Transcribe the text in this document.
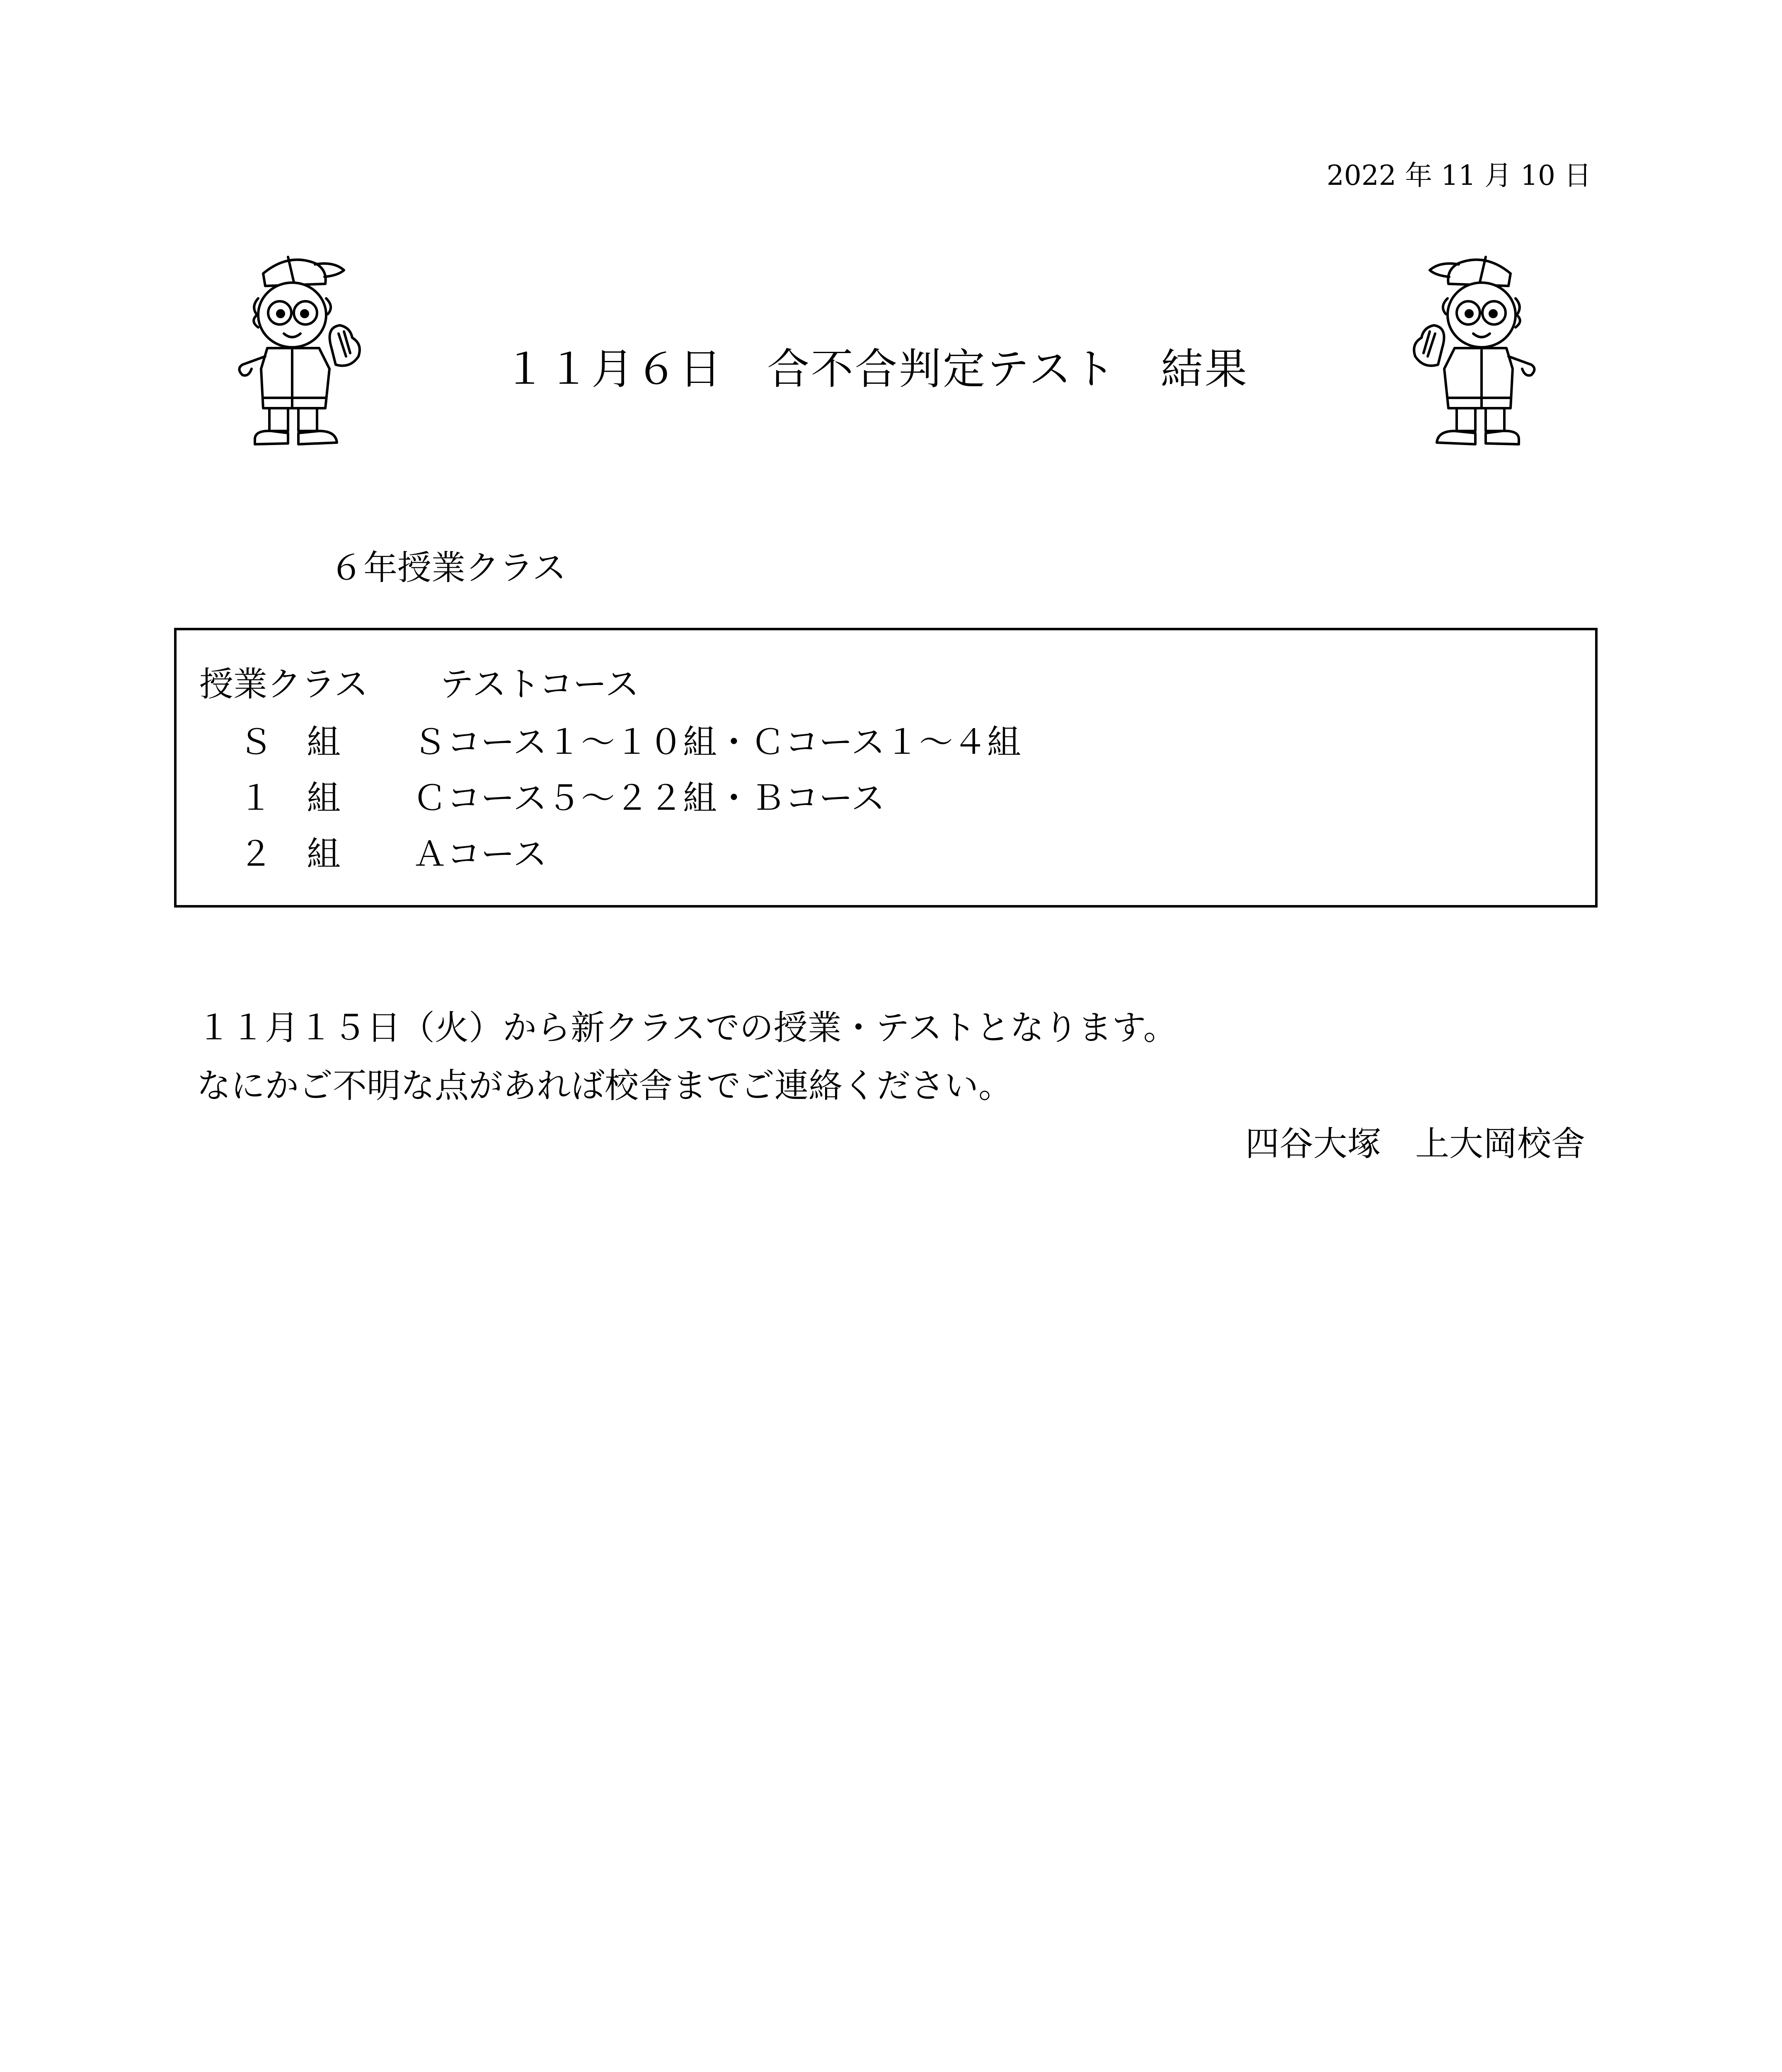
2022 年 11 月 10 日
１１月６日　合不合判定テスト　結果
６年授業クラス
授業クラス テストコース
Ｓ　組	Ｓコース１～１０組・Ｃコース１～４組
１　組	Ｃコース５～２２組・Ｂコース
２　組	Ａコース
１１月１５日（火）から新クラスでの授業・テストとなります。
なにかご不明な点があれば校舎までご連絡ください。
四谷大塚　上大岡校舎
